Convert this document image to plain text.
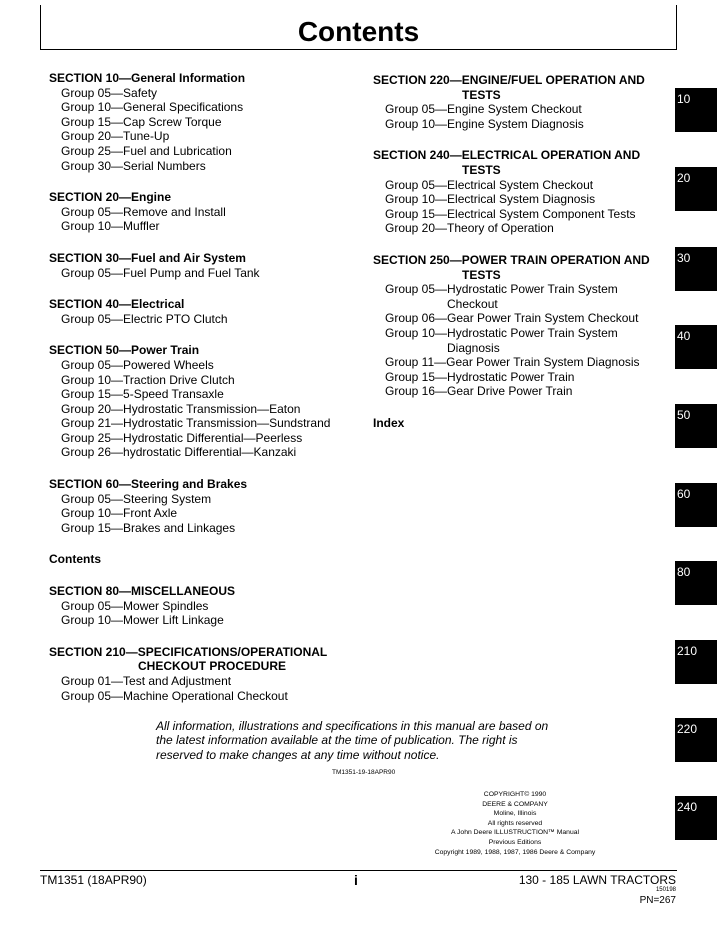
Contents
SECTION 10—General Information
Group 05—Safety
Group 10—General Specifications
Group 15—Cap Screw Torque
Group 20—Tune-Up
Group 25—Fuel and Lubrication
Group 30—Serial Numbers
SECTION 20—Engine
Group 05—Remove and Install
Group 10—Muffler
SECTION 30—Fuel and Air System
Group 05—Fuel Pump and Fuel Tank
SECTION 40—Electrical
Group 05—Electric PTO Clutch
SECTION 50—Power Train
Group 05—Powered Wheels
Group 10—Traction Drive Clutch
Group 15—5-Speed Transaxle
Group 20—Hydrostatic Transmission—Eaton
Group 21—Hydrostatic Transmission—Sundstrand
Group 25—Hydrostatic Differential—Peerless
Group 26—hydrostatic Differential—Kanzaki
SECTION 60—Steering and Brakes
Group 05—Steering System
Group 10—Front Axle
Group 15—Brakes and Linkages
Contents
SECTION 80—MISCELLANEOUS
Group 05—Mower Spindles
Group 10—Mower Lift Linkage
SECTION 210—SPECIFICATIONS/OPERATIONAL
CHECKOUT PROCEDURE
Group 01—Test and Adjustment
Group 05—Machine Operational Checkout
SECTION 220—ENGINE/FUEL OPERATION AND
TESTS
Group 05—Engine System Checkout
Group 10—Engine System Diagnosis
SECTION 240—ELECTRICAL OPERATION AND
TESTS
Group 05—Electrical System Checkout
Group 10—Electrical System Diagnosis
Group 15—Electrical System Component Tests
Group 20—Theory of Operation
SECTION 250—POWER TRAIN OPERATION AND
TESTS
Group 05—Hydrostatic Power Train System
Checkout
Group 06—Gear Power Train System Checkout
Group 10—Hydrostatic Power Train System
Diagnosis
Group 11—Gear Power Train System Diagnosis
Group 15—Hydrostatic Power Train
Group 16—Gear Drive Power Train
Index
10
20
30
40
50
60
80
210
220
240
All information, illustrations and specifications in this manual are based on
the latest information available at the time of publication. The right is
reserved to make changes at any time without notice.
TM1351-19-18APR90
COPYRIGHT© 1990
DEERE & COMPANY
Moline, Illinois
All rights reserved
A John Deere ILLUSTRUCTION™ Manual
Previous Editions
Copyright 1989, 1988, 1987, 1986 Deere & Company
TM1351 (18APR90)	i	130 - 185 LAWN TRACTORS
150198
PN=267
